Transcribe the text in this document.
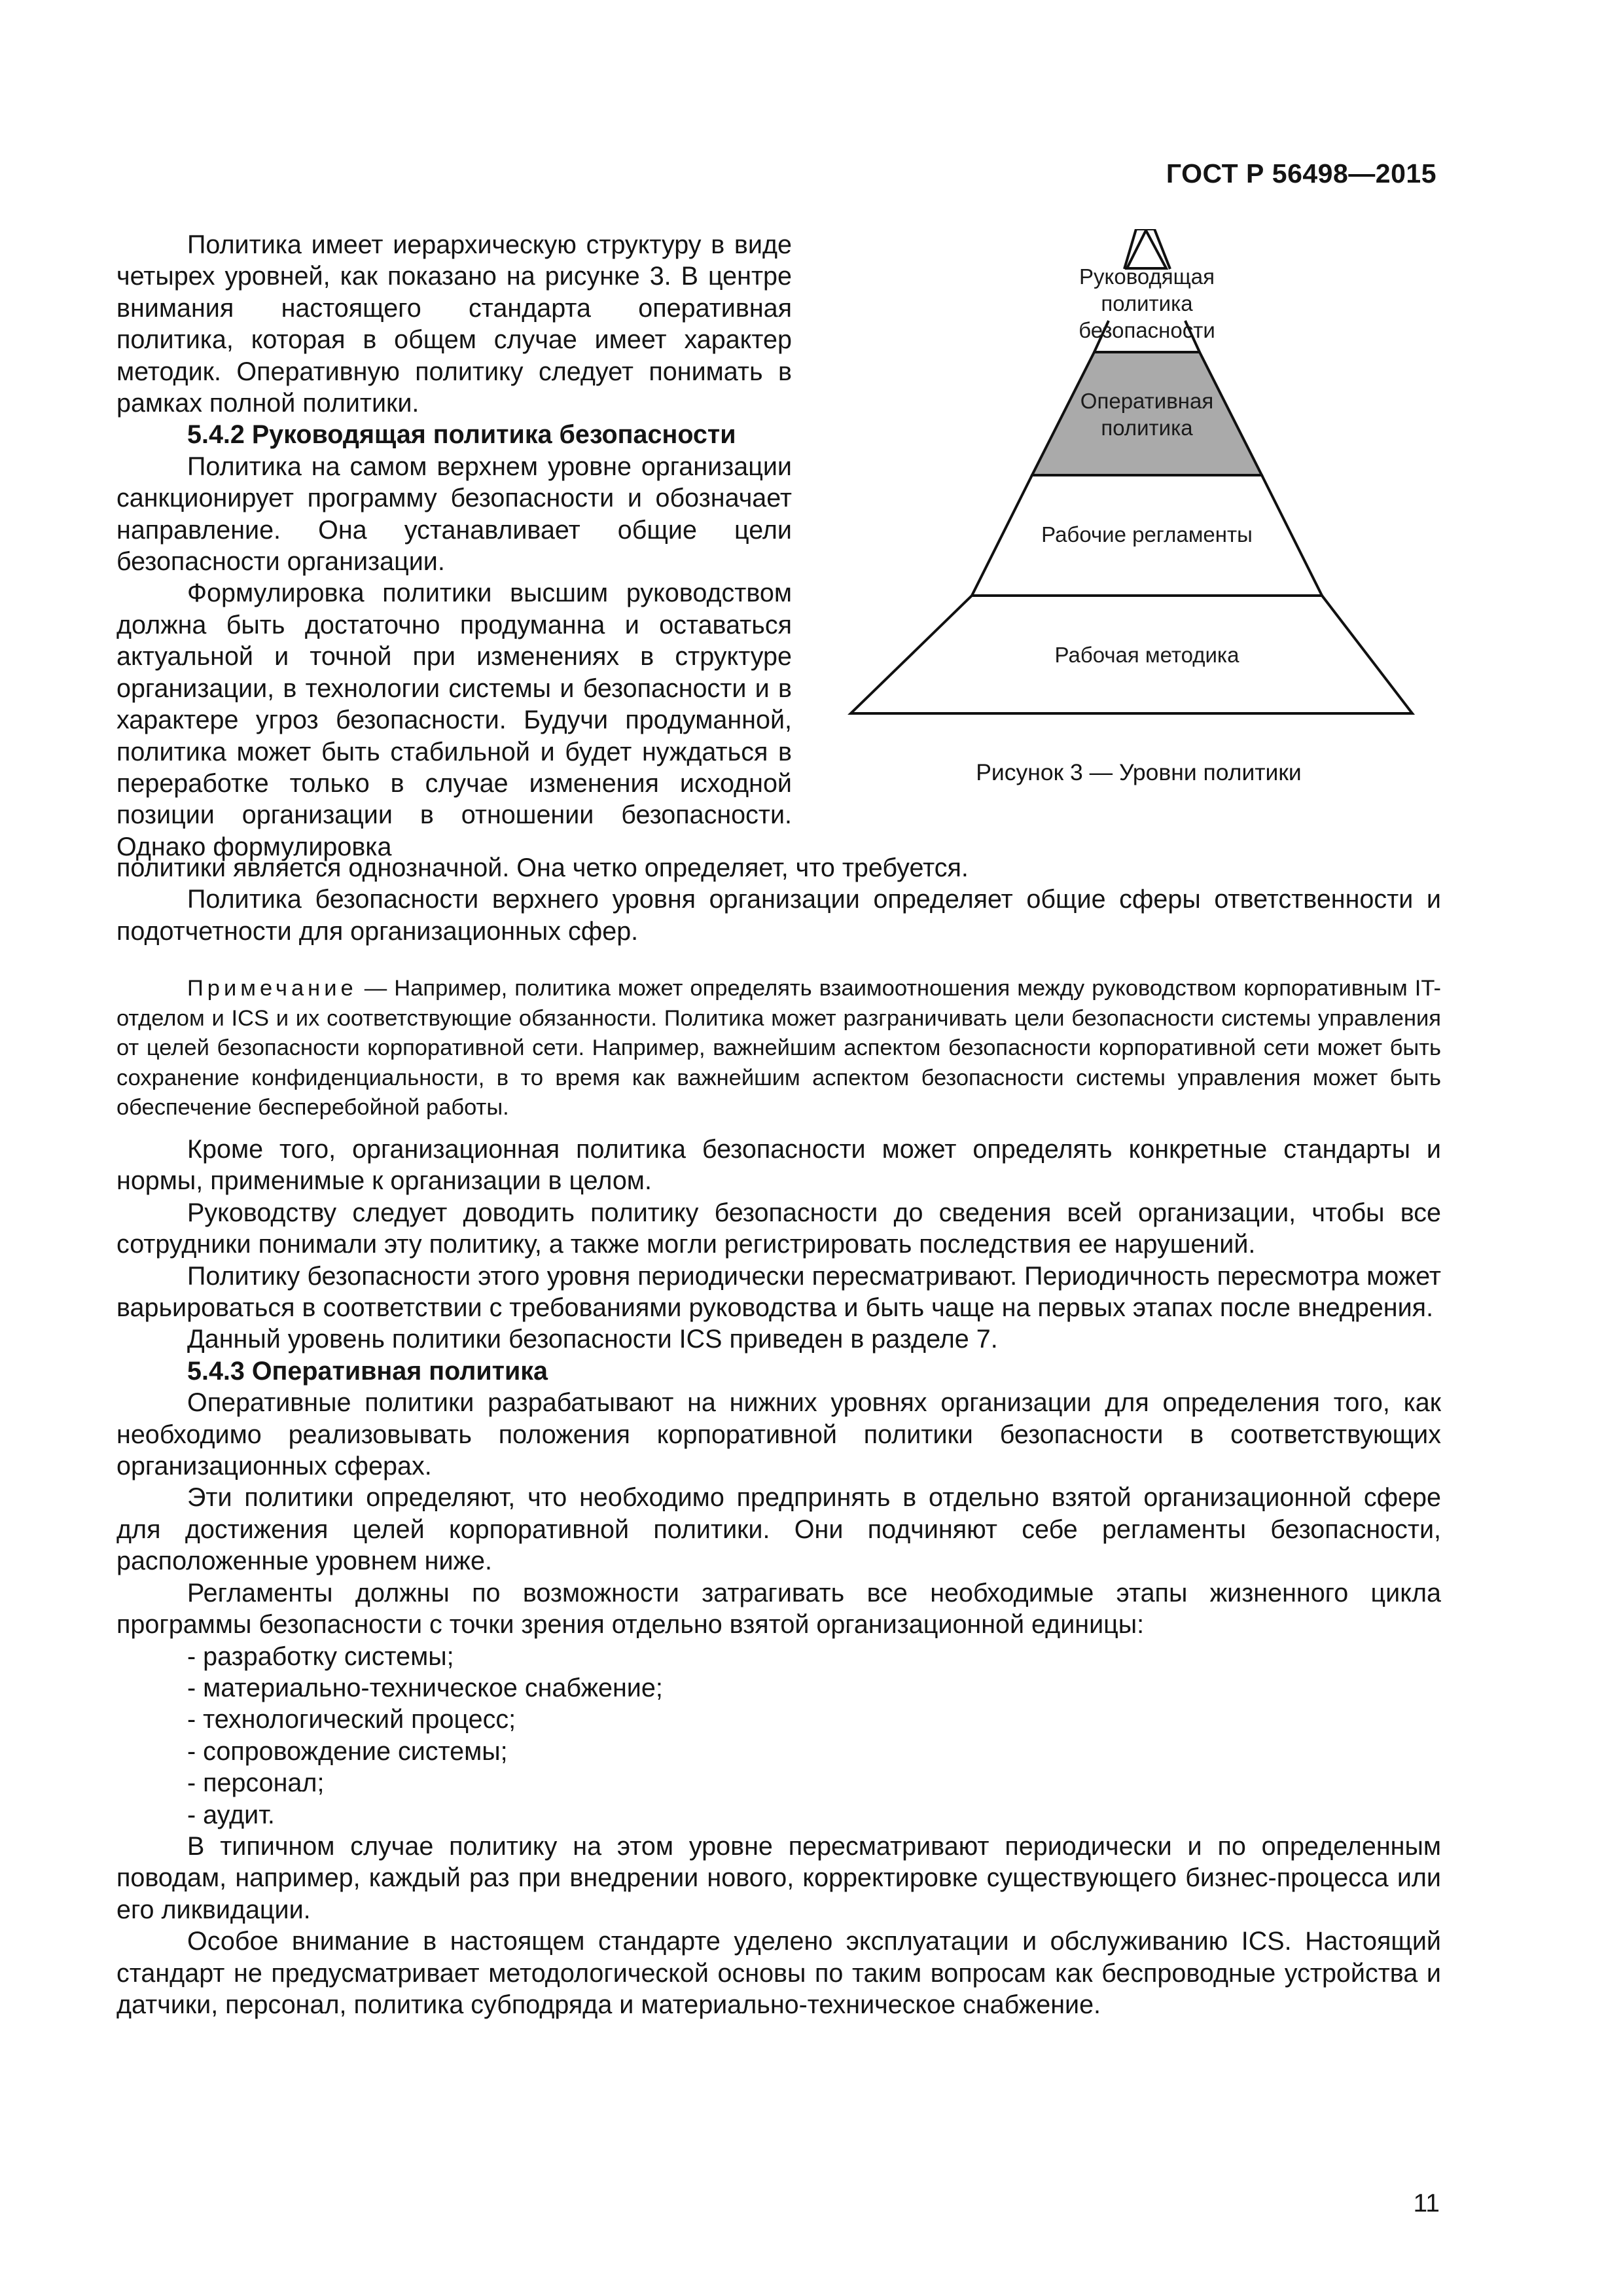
ГОСТ Р 56498—2015

Политика имеет иерархическую структуру в виде четырех уровней, как показано на рисунке 3. В центре внимания настоящего стандарта оперативная политика, которая в общем случае имеет характер методик. Оперативную политику следует понимать в рамках полной политики.

5.4.2 Руководящая политика безопасности

Политика на самом верхнем уровне организации санкционирует программу безопасности и обозначает направление. Она устанавливает общие цели безопасности организации.

Формулировка политики высшим руководством должна быть достаточно продуманна и оставаться актуальной и точной при изменениях в структуре организации, в технологии системы и безопасности и в характере угроз безопасности. Будучи продуманной, политика может быть стабильной и будет нуждаться в переработке только в случае изменения исходной позиции организации в отношении безопасности. Однако формулировка

Руководящая политика безопасности
Оперативная политика
Рабочие регламенты
Рабочая методика
Рисунок 3 — Уровни политики

политики является однозначной. Она четко определяет, что требуется.

Политика безопасности верхнего уровня организации определяет общие сферы ответственности и подотчетности для организационных сфер.

Примечание — Например, политика может определять взаимоотношения между руководством корпоративным IT-отделом и ICS и их соответствующие обязанности. Политика может разграничивать цели безопасности системы управления от целей безопасности корпоративной сети. Например, важнейшим аспектом безопасности корпоративной сети может быть сохранение конфиденциальности, в то время как важнейшим аспектом безопасности системы управления может быть обеспечение бесперебойной работы.

Кроме того, организационная политика безопасности может определять конкретные стандарты и нормы, применимые к организации в целом.

Руководству следует доводить политику безопасности до сведения всей организации, чтобы все сотрудники понимали эту политику, а также могли регистрировать последствия ее нарушений.

Политику безопасности этого уровня периодически пересматривают. Периодичность пересмотра может варьироваться в соответствии с требованиями руководства и быть чаще на первых этапах после внедрения.

Данный уровень политики безопасности ICS приведен в разделе 7.

5.4.3 Оперативная политика

Оперативные политики разрабатывают на нижних уровнях организации для определения того, как необходимо реализовывать положения корпоративной политики безопасности в соответствующих организационных сферах.

Эти политики определяют, что необходимо предпринять в отдельно взятой организационной сфере для достижения целей корпоративной политики. Они подчиняют себе регламенты безопасности, расположенные уровнем ниже.

Регламенты должны по возможности затрагивать все необходимые этапы жизненного цикла программы безопасности с точки зрения отдельно взятой организационной единицы:

- разработку системы;

- материально-техническое снабжение;

- технологический процесс;

- сопровождение системы;

- персонал;

- аудит.

В типичном случае политику на этом уровне пересматривают периодически и по определенным поводам, например, каждый раз при внедрении нового, корректировке существующего бизнес-процесса или его ликвидации.

Особое внимание в настоящем стандарте уделено эксплуатации и обслуживанию ICS. Настоящий стандарт не предусматривает методологической основы по таким вопросам как беспроводные устройства и датчики, персонал, политика субподряда и материально-техническое снабжение.

11
